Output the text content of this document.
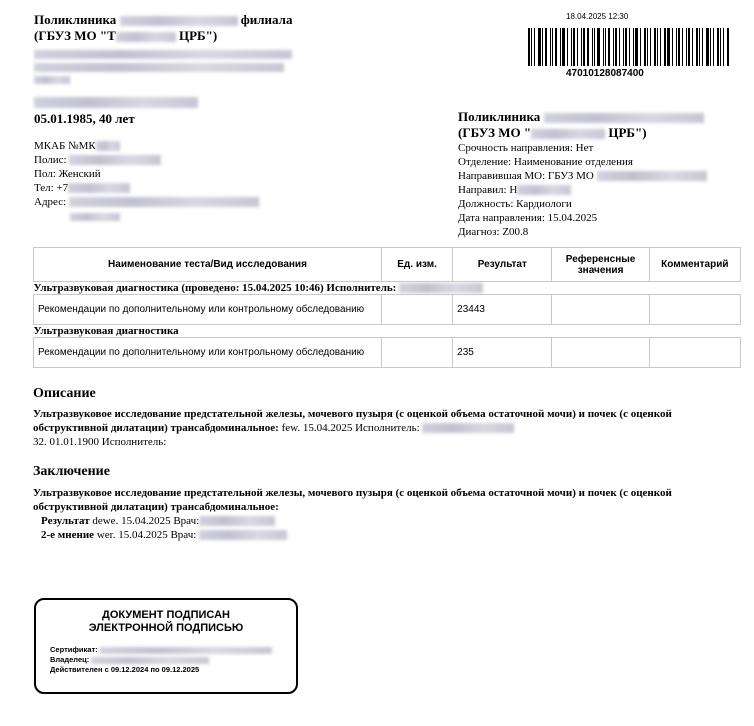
Поликлиника	филиала
(ГБУЗ МО "Т	ЦРБ")
18.04.2025 12:30
47010128087400
05.01.1985, 40 лет
МКАБ №МК
Полис:
Пол: Женский
Тел: +7
Адрес:
Поликлиника
(ГБУЗ МО "	ЦРБ")
Срочность направления: Нет
Отделение: Наименование отделения
Направившая МО: ГБУЗ МО
Направил: Н
Должность: Кардиологи
Дата направления: 15.04.2025
Диагноз: Z00.8
Наименование теста/Вид исследования	Ед. изм.	Результат	Референсные значения	Комментарий
Ультразвуковая диагностика (проведено: 15.04.2025 10:46) Исполнитель:				
Рекомендации по дополнительному или контрольному обследованию		23443		
Ультразвуковая диагностика				
Рекомендации по дополнительному или контрольному обследованию		235		
Описание
Ультразвуковое исследование предстательной железы, мочевого пузыря (с оценкой объема остаточной мочи) и почек (с оценкой обструктивной дилатации) трансабдоминальное: few. 15.04.2025 Исполнитель:
32. 01.01.1900 Исполнитель:
Заключение
Ультразвуковое исследование предстательной железы, мочевого пузыря (с оценкой объема остаточной мочи) и почек (с оценкой обструктивной дилатации) трансабдоминальное:
Результат dewe. 15.04.2025 Врач:
2-е мнение wer. 15.04.2025 Врач:
ДОКУМЕНТ ПОДПИСАН
ЭЛЕКТРОННОЙ ПОДПИСЬЮ
Сертификат:
Владелец:
Действителен с 09.12.2024 по 09.12.2025
